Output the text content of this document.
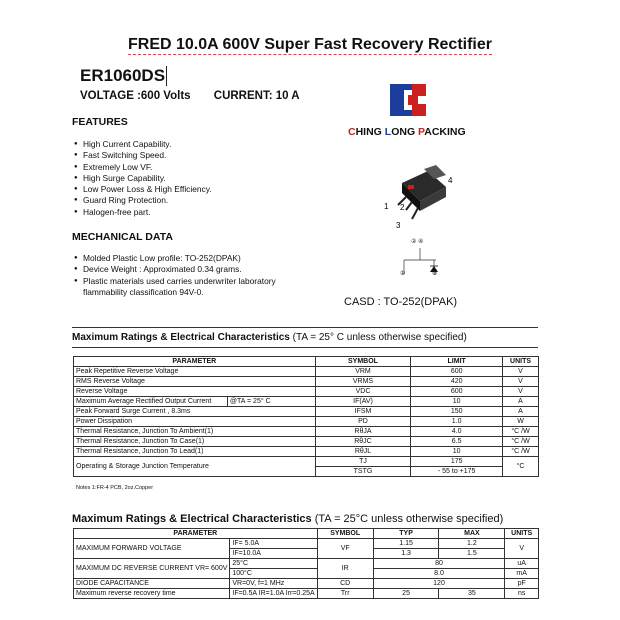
FRED 10.0A 600V Super Fast Recovery Rectifier
ER1060DS
VOLTAGE :600 Volts CURRENT: 10 A
CHING LONG PACKING
FEATURES
● High Current Capability.
● Fast Switching Speed.
● Extremely Low VF.
● High Surge Capability.
● Low Power Loss & High Efficiency.
● Guard Ring Protection.
● Halogen-free part.
MECHANICAL DATA
● Molded Plastic Low profile: TO-252(DPAK)
● Device Weight : Approximated 0.34 grams.
● Plastic materials used carries underwriter laboratory flammability classification 94V-0.
1 2
3
4
② ④
①	③
CASD : TO-252(DPAK)
Maximum Ratings & Electrical Characteristics (TA = 25° C unless otherwise specified)
PARAMETER		SYMBOL	LIMIT	UNITS
Peak Repetitive Reverse Voltage		VRM	600	V
RMS Reverse Voltage		VRMS	420	V
Reverse Voltage		VDC	600	V
Maximum Average Rectified Output Current	@TA = 25° C	IF(AV)	10	A
Peak Forward Surge Current , 8.3ms		IFSM	150	A
Power Dissipation		PD	1.0	W
Thermal Resistance, Junction To Ambient(1)		RθJA	4.0	°C /W
Thermal Resistance, Junction To Case(1)		RθJC	6.5	°C /W
Thermal Resistance, Junction To Lead(1)		RθJL	10	°C /W
Operating & Storage Junction Temperature		TJ	175	°C
		TSTG	- 55 to +175	
Notes 1:FR-4 PCB, 2oz.Copper
Maximum Ratings & Electrical Characteristics (TA = 25°C unless otherwise specified)
PARAMETER		SYMBOL	TYP	MAX	UNITS
MAXIMUM FORWARD VOLTAGE	IF= 5.0A	VF	1.15	1.2	V
	IF=10.0A		1.3	1.5	
MAXIMUM DC REVERSE CURRENT VR= 600V	25°C	IR	80		uA
	100°C		8.0		mA
DIODE CAPACITANCE	VR=0V, f=1 MHz	CD	120		pF
Maximum reverse recovery time	IF=0.5A IR=1.0A Irr=0.25A	Trr	25	35	ns
